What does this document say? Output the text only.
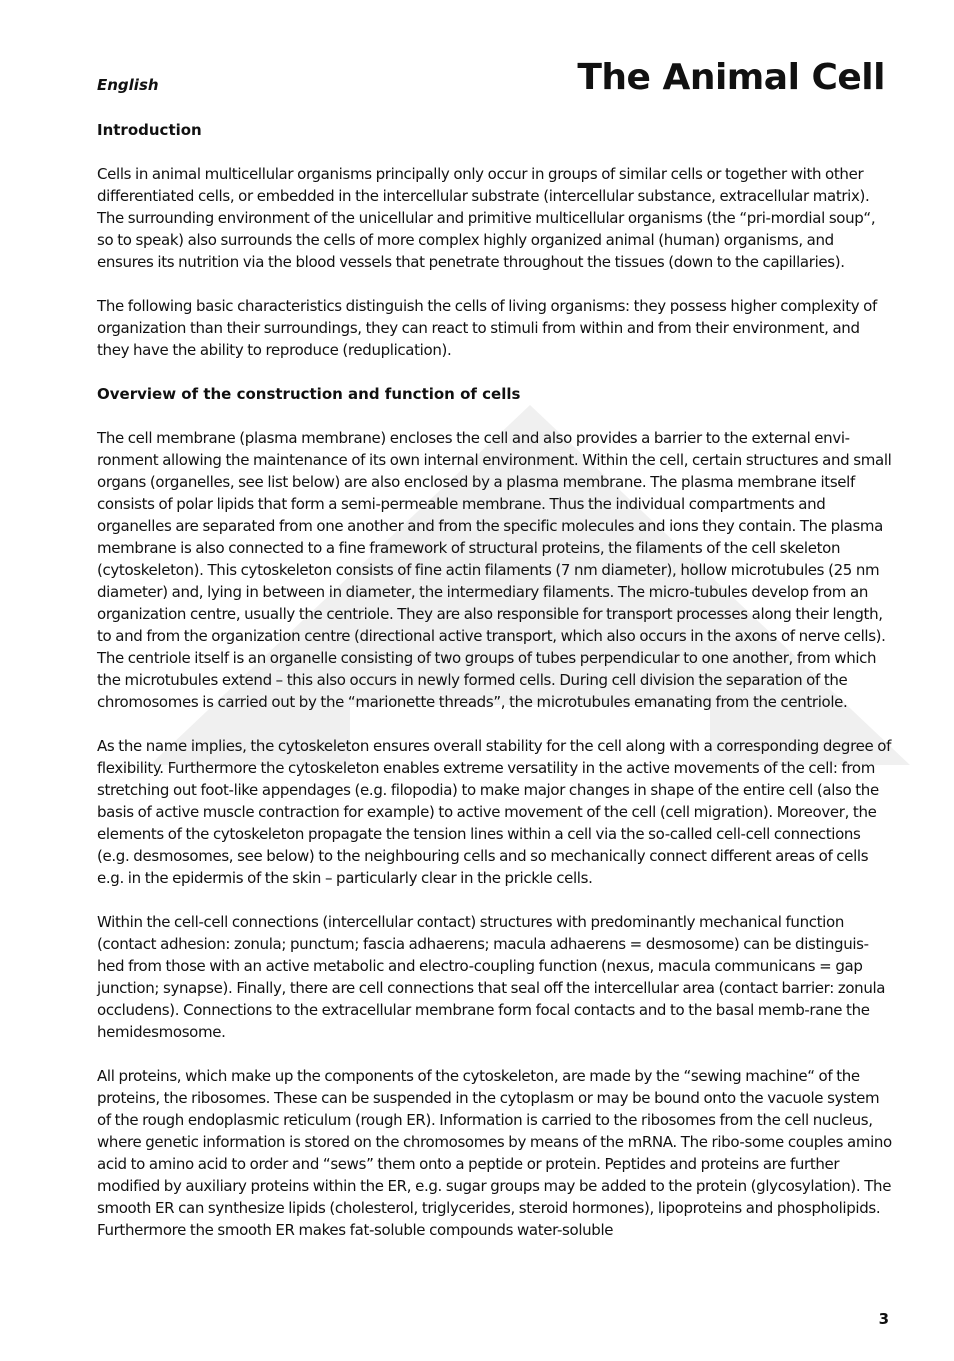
English	The Animal Cell
Introduction

Cells in animal multicellular organisms principally only occur in groups of similar cells or together with other differentiated cells, or embedded in the intercellular substrate (intercellular substance, extracellular matrix). The surrounding environment of the unicellular and primitive multicellular organisms (the “pri-mordial soup“, so to speak) also surrounds the cells of more complex highly organized animal (human) organisms, and ensures its nutrition via the blood vessels that penetrate throughout the tissues (down to the capillaries).

The following basic characteristics distinguish the cells of living organisms: they possess higher complexity of organization than their surroundings, they can react to stimuli from within and from their environment, and they have the ability to reproduce (reduplication).

Overview of the construction and function of cells

The cell membrane (plasma membrane) encloses the cell and also provides a barrier to the external envi-ronment allowing the maintenance of its own internal environment. Within the cell, certain structures and small organs (organelles, see list below) are also enclosed by a plasma membrane. The plasma membrane itself consists of polar lipids that form a semi-permeable membrane. Thus the individual compartments and organelles are separated from one another and from the specific molecules and ions they contain. The plasma membrane is also connected to a fine framework of structural proteins, the filaments of the cell skeleton (cytoskeleton). This cytoskeleton consists of fine actin filaments (7 nm diameter), hollow microtubules (25 nm diameter) and, lying in between in diameter, the intermediary filaments. The micro-tubules develop from an organization centre, usually the centriole. They are also responsible for transport processes along their length, to and from the organization centre (directional active transport, which also occurs in the axons of nerve cells). The centriole itself is an organelle consisting of two groups of tubes perpendicular to one another, from which the microtubules extend – this also occurs in newly formed cells. During cell division the separation of the chromosomes is carried out by the “marionette threads”, the microtubules emanating from the centriole.

As the name implies, the cytoskeleton ensures overall stability for the cell along with a corresponding degree of flexibility. Furthermore the cytoskeleton enables extreme versatility in the active movements of the cell: from stretching out foot-like appendages (e.g. filopodia) to make major changes in shape of the entire cell (also the basis of active muscle contraction for example) to active movement of the cell (cell migration). Moreover, the elements of the cytoskeleton propagate the tension lines within a cell via the so-called cell-cell connections (e.g. desmosomes, see below) to the neighbouring cells and so mechanically connect different areas of cells e.g. in the epidermis of the skin – particularly clear in the prickle cells.

Within the cell-cell connections (intercellular contact) structures with predominantly mechanical function (contact adhesion: zonula; punctum; fascia adhaerens; macula adhaerens = desmosome) can be distinguis-hed from those with an active metabolic and electro-coupling function (nexus, macula communicans = gap junction; synapse). Finally, there are cell connections that seal off the intercellular area (contact barrier: zonula occludens). Connections to the extracellular membrane form focal contacts and to the basal memb-rane the hemidesmosome.

All proteins, which make up the components of the cytoskeleton, are made by the “sewing machine“ of the proteins, the ribosomes. These can be suspended in the cytoplasm or may be bound onto the vacuole system of the rough endoplasmic reticulum (rough ER). Information is carried to the ribosomes from the cell nucleus, where genetic information is stored on the chromosomes by means of the mRNA. The ribo-some couples amino acid to amino acid to order and “sews” them onto a peptide or protein. Peptides and proteins are further modified by auxiliary proteins within the ER, e.g. sugar groups may be added to the protein (glycosylation). The smooth ER can synthesize lipids (cholesterol, triglycerides, steroid hormones), lipoproteins and phospholipids. Furthermore the smooth ER makes fat-soluble compounds water-soluble

3
